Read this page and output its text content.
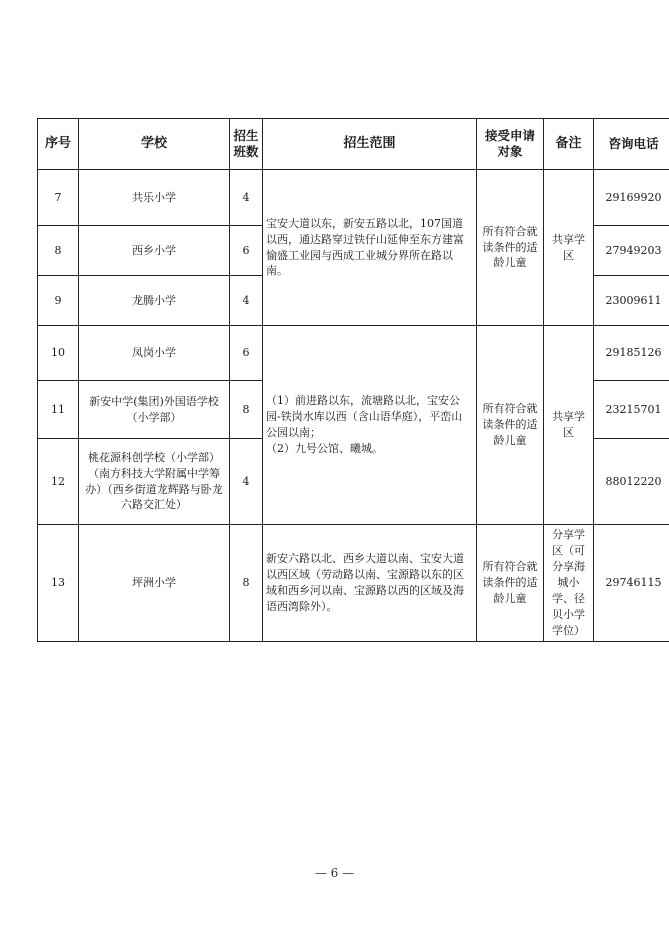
序号	学校	招生班数	招生范围	接受申请对象	备注	咨询电话
7	共乐小学	4	宝安大道以东，新安五路以北，107国道以西，通达路穿过铁仔山延伸至东方建富愉盛工业园与西成工业城分界所在路以南。	所有符合就读条件的适龄儿童	共享学区	29169920
8	西乡小学	6				27949203
9	龙腾小学	4				23009611
10	凤岗小学	6	（1）前进路以东，流塘路以北，宝安公园-铁岗水库以西（含山语华庭），平峦山公园以南；
（2）九号公馆、曦城。	所有符合就读条件的适龄儿童	共享学区	29185126
11	新安中学(集团)外国语学校（小学部）	8				23215701
12	桃花源科创学校（小学部）（南方科技大学附属中学筹办）（西乡街道龙辉路与卧龙六路交汇处）	4				88012220
13	坪洲小学	8	新安六路以北、西乡大道以南、宝安大道以西区域（劳动路以南、宝源路以东的区域和西乡河以南、宝源路以西的区域及海语西湾除外）。	所有符合就读条件的适龄儿童	分享学区（可分享海城小学、径贝小学学位）	29746115
— 6 —
